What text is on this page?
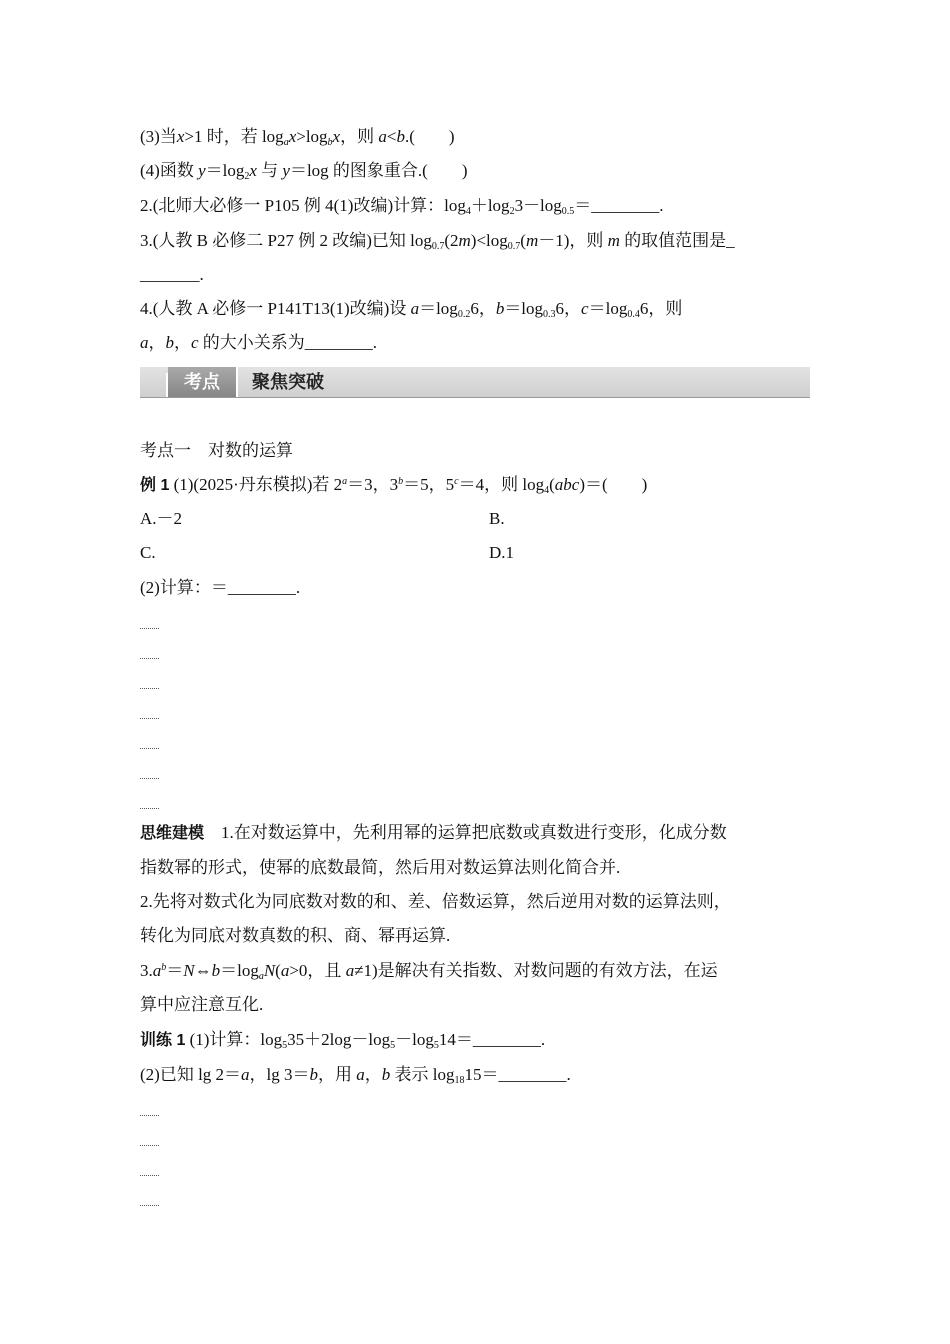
(3)当x>1 时，若 $\log_ax>\log_bx$，则 a<b.(　　)
(4)函数 $y=\log_2x$ 与 y＝log 的图象重合.(　　)
2.(北师大必修一 P105 例 4(1)改编)计算：$\log_4+\log_23-\log_{0.5}=\_\_\_\_\_\_\_\_$.
3.(人教 B 必修二 P27 例 2 改编)已知 $\log_{0.7}(2m)<\log_{0.7}(m-1)$，则 m 的取值范围是_
_______.
4.(人教 A 必修一 P141T13(1)改编)设 $a=\log_{0.2}6$，$b=\log_{0.3}6$，$c=\log_{0.4}6$，则
a，b，c 的大小关系为________.
考点	聚焦突破
考点一　对数的运算
例 1 (1)(2025·丹东模拟)若 $2^a=3$，$3^b=5$，$5^c=4$，则 $\log_4(abc)=$(　　)
A.－2	B.
C.	D.1
(2)计算：＝________.
思维建模　1.在对数运算中，先利用幂的运算把底数或真数进行变形，化成分数
指数幂的形式，使幂的底数最简，然后用对数运算法则化简合并.
2.先将对数式化为同底数对数的和、差、倍数运算，然后逆用对数的运算法则，
转化为同底对数真数的积、商、幂再运算.
$3.a^b=N\Leftrightarrow b=\log_aN(a>0$，且 a≠1)是解决有关指数、对数问题的有效方法，在运
算中应注意互化.
训练 1 (1)计算：$\log_535+2\log-\log_5-\log_514=\_\_\_\_\_\_\_\_$.
(2)已知 lg 2＝a，lg 3＝b，用 a，b 表示 $\log_{18}15=\_\_\_\_\_\_\_\_$.
